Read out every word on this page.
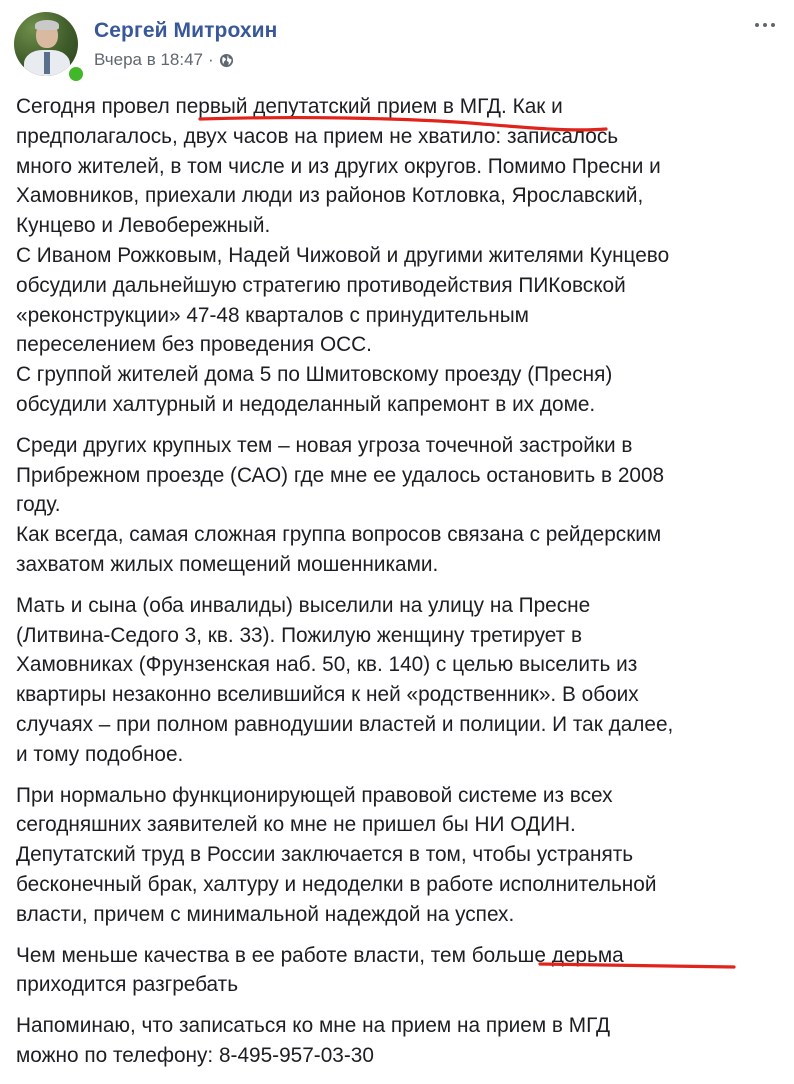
Сергей Митрохин
Вчера в 18:47 ·
Сегодня провел первый депутатский прием в МГД. Как и
предполагалось, двух часов на прием не хватило: записалось
много жителей, в том числе и из других округов. Помимо Пресни и
Хамовников, приехали люди из районов Котловка, Ярославский,
Кунцево и Левобережный.
С Иваном Рожковым, Надей Чижовой и другими жителями Кунцево
обсудили дальнейшую стратегию противодействия ПИКовской
«реконструкции» 47-48 кварталов с принудительным
переселением без проведения ОСС.
С группой жителей дома 5 по Шмитовскому проезду (Пресня)
обсудили халтурный и недоделанный капремонт в их доме.
Среди других крупных тем – новая угроза точечной застройки в
Прибрежном проезде (САО) где мне ее удалось остановить в 2008
году.
Как всегда, самая сложная группа вопросов связана с рейдерским
захватом жилых помещений мошенниками.
Мать и сына (оба инвалиды) выселили на улицу на Пресне
(Литвина-Седого 3, кв. 33). Пожилую женщину третирует в
Хамовниках (Фрунзенская наб. 50, кв. 140) с целью выселить из
квартиры незаконно вселившийся к ней «родственник». В обоих
случаях – при полном равнодушии властей и полиции. И так далее,
и тому подобное.
При нормально функционирующей правовой системе из всех
сегодняшних заявителей ко мне не пришел бы НИ ОДИН.
Депутатский труд в России заключается в том, чтобы устранять
бесконечный брак, халтуру и недоделки в работе исполнительной
власти, причем с минимальной надеждой на успех.
Чем меньше качества в ее работе власти, тем больше дерьма
приходится разгребать
Напоминаю, что записаться ко мне на прием на прием в МГД
можно по телефону: 8-495-957-03-30
